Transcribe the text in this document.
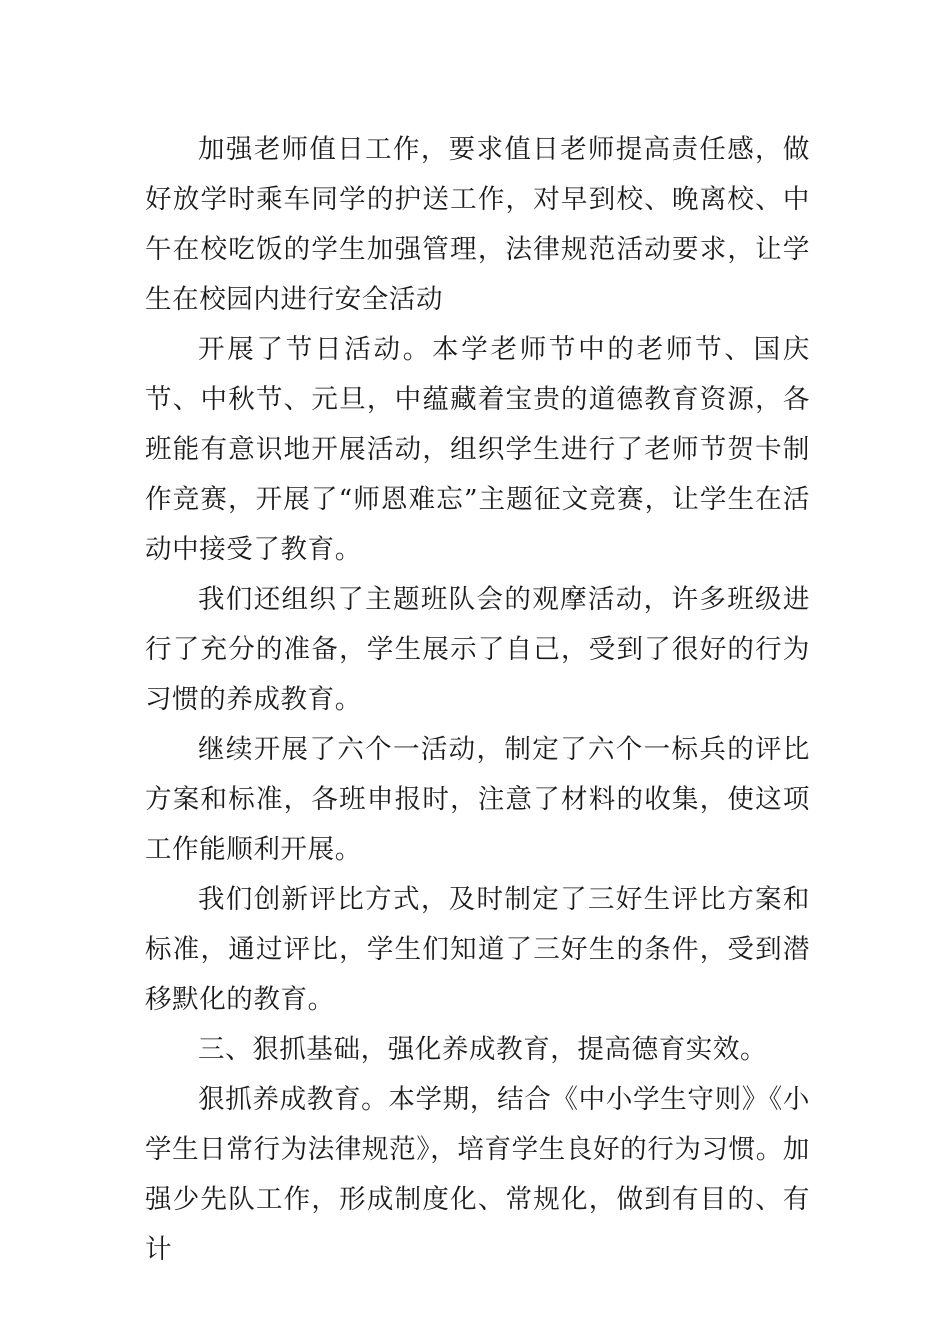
加强老师值日工作，要求值日老师提高责任感，做好放学时乘车同学的护送工作，对早到校、晚离校、中午在校吃饭的学生加强管理，法律规范活动要求，让学生在校园内进行安全活动

开展了节日活动。本学老师节中的老师节、国庆节、中秋节、元旦，中蕴藏着宝贵的道德教育资源，各班能有意识地开展活动，组织学生进行了老师节贺卡制作竞赛，开展了“师恩难忘”主题征文竞赛，让学生在活动中接受了教育。

我们还组织了主题班队会的观摩活动，许多班级进行了充分的准备，学生展示了自己，受到了很好的行为习惯的养成教育。

继续开展了六个一活动，制定了六个一标兵的评比方案和标准，各班申报时，注意了材料的收集，使这项工作能顺利开展。

我们创新评比方式，及时制定了三好生评比方案和标准，通过评比，学生们知道了三好生的条件，受到潜移默化的教育。

三、狠抓基础，强化养成教育，提高德育实效。

狠抓养成教育。本学期，结合《中小学生守则》《小学生日常行为法律规范》，培育学生良好的行为习惯。加强少先队工作，形成制度化、常规化，做到有目的、有计
